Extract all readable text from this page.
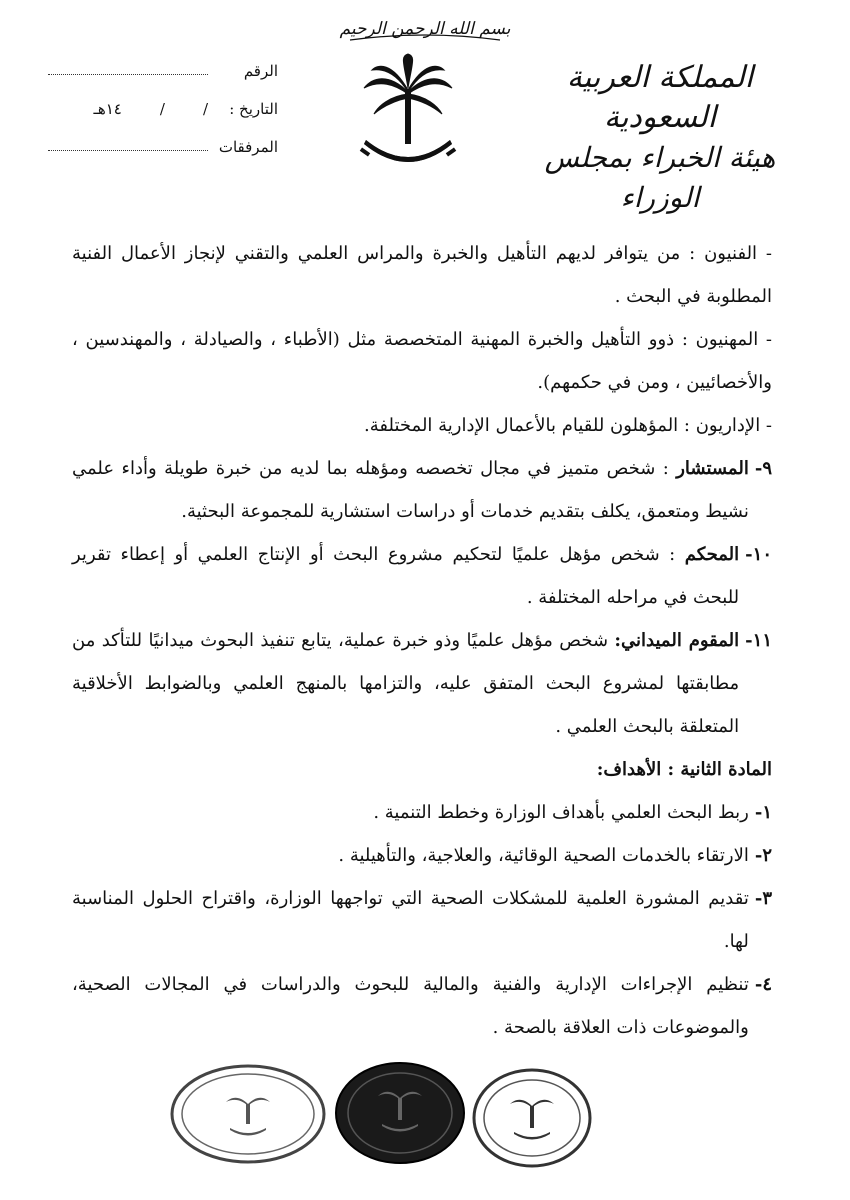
بسم الله الرحمن الرحيم
المملكة العربية السعودية
هيئة الخبراء بمجلس الوزراء
الرقم
التاريخ :
/
/
١٤هـ
المرفقات

- الفنيون : من يتوافر لديهم التأهيل والخبرة والمراس العلمي والتقني لإنجاز الأعمال الفنية المطلوبة في البحث .

- المهنيون : ذوو التأهيل والخبرة المهنية المتخصصة مثل (الأطباء ، والصيادلة ، والمهندسين ، والأخصائيين ، ومن في حكمهم).

- الإداريون : المؤهلون للقيام بالأعمال الإدارية المختلفة.

٩-
المستشار : شخص متميز في مجال تخصصه ومؤهله بما لديه من خبرة طويلة وأداء علمي نشيط ومتعمق، يكلف بتقديم خدمات أو دراسات استشارية للمجموعة البحثية.
١٠-
المحكم : شخص مؤهل علميًا لتحكيم مشروع البحث أو الإنتاج العلمي أو إعطاء تقرير للبحث في مراحله المختلفة .
١١-
المقوم الميداني: شخص مؤهل علميًا وذو خبرة عملية، يتابع تنفيذ البحوث ميدانيًا للتأكد من مطابقتها لمشروع البحث المتفق عليه، والتزامها بالمنهج العلمي وبالضوابط الأخلاقية المتعلقة بالبحث العلمي .

المادة الثانية : الأهداف:

١-
ربط البحث العلمي بأهداف الوزارة وخطط التنمية .
٢-
الارتقاء بالخدمات الصحية الوقائية، والعلاجية، والتأهيلية .
٣-
تقديم المشورة العلمية للمشكلات الصحية التي تواجهها الوزارة، واقتراح الحلول المناسبة لها.
٤-
تنظيم الإجراءات الإدارية والفنية والمالية للبحوث والدراسات في المجالات الصحية، والموضوعات ذات العلاقة بالصحة .
